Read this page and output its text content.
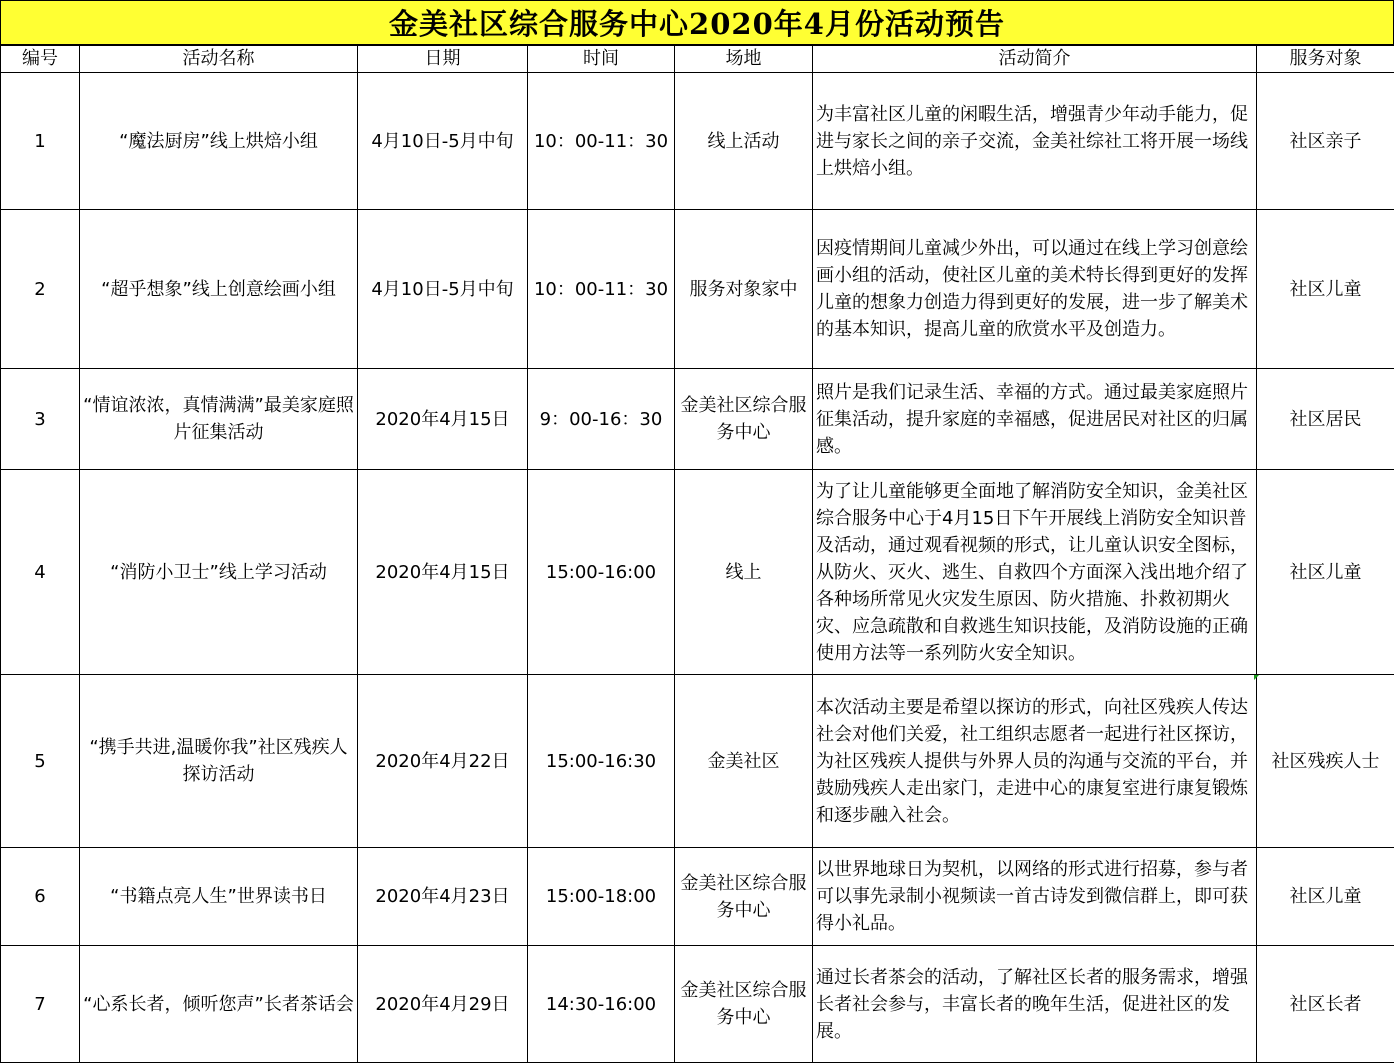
金美社区综合服务中心2020年4月份活动预告
编号	活动名称	日期	时间	场地	活动简介	服务对象
1	“魔法厨房”线上烘焙小组	4月10日-5月中旬	10：00-11：30	线上活动	为丰富社区儿童的闲暇生活，增强青少年动手能力，促进与家长之间的亲子交流，金美社综社工将开展一场线上烘焙小组。	社区亲子
2	“超乎想象”线上创意绘画小组	4月10日-5月中旬	10：00-11：30	服务对象家中	因疫情期间儿童减少外出，可以通过在线上学习创意绘画小组的活动，使社区儿童的美术特长得到更好的发挥儿童的想象力创造力得到更好的发展，进一步了解美术的基本知识，提高儿童的欣赏水平及创造力。	社区儿童
3	“情谊浓浓，真情满满”最美家庭照片征集活动	2020年4月15日	9：00-16：30	金美社区综合服务中心	照片是我们记录生活、幸福的方式。通过最美家庭照片征集活动，提升家庭的幸福感，促进居民对社区的归属感。	社区居民
4	“消防小卫士”线上学习活动	2020年4月15日	15:00-16:00	线上	为了让儿童能够更全面地了解消防安全知识，金美社区综合服务中心于4月15日下午开展线上消防安全知识普及活动，通过观看视频的形式，让儿童认识安全图标，从防火、灭火、逃生、自救四个方面深入浅出地介绍了各种场所常见火灾发生原因、防火措施、扑救初期火灾、应急疏散和自救逃生知识技能，及消防设施的正确使用方法等一系列防火安全知识。	社区儿童
5	“携手共进,温暖你我”社区残疾人探访活动	2020年4月22日	15:00-16:30	金美社区	本次活动主要是希望以探访的形式，向社区残疾人传达社会对他们关爱，社工组织志愿者一起进行社区探访，为社区残疾人提供与外界人员的沟通与交流的平台，并鼓励残疾人走出家门，走进中心的康复室进行康复锻炼和逐步融入社会。	社区残疾人士
6	“书籍点亮人生”世界读书日	2020年4月23日	15:00-18:00	金美社区综合服务中心	以世界地球日为契机，以网络的形式进行招募，参与者可以事先录制小视频读一首古诗发到微信群上，即可获得小礼品。	社区儿童
7	“心系长者，倾听您声”长者茶话会	2020年4月29日	14:30-16:00	金美社区综合服务中心	通过长者茶会的活动，了解社区长者的服务需求，增强长者社会参与，丰富长者的晚年生活，促进社区的发展。	社区长者
